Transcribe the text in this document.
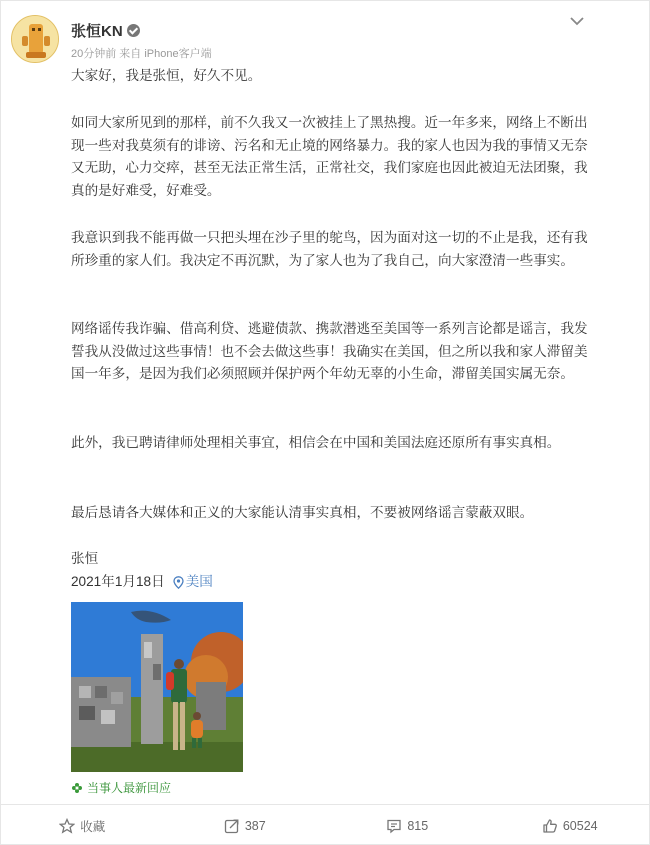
张恒KN
20分钟前 来自 iPhone客户端

大家好，我是张恒，好久不见。

如同大家所见到的那样，前不久我又一次被挂上了黑热搜。近一年多来，网络上不断出现一些对我莫须有的诽谤、污名和无止境的网络暴力。我的家人也因为我的事情又无奈又无助，心力交瘁，甚至无法正常生活，正常社交，我们家庭也因此被迫无法团聚，我真的是好难受，好难受。

我意识到我不能再做一只把头埋在沙子里的鸵鸟，因为面对这一切的不止是我，还有我所珍重的家人们。我决定不再沉默，为了家人也为了我自己，向大家澄清一些事实。

网络谣传我诈骗、借高利贷、逃避债款、携款潜逃至美国等一系列言论都是谣言，我发誓我从没做过这些事情！也不会去做这些事！我确实在美国，但之所以我和家人滞留美国一年多，是因为我们必须照顾并保护两个年幼无辜的小生命，滞留美国实属无奈。

此外，我已聘请律师处理相关事宜，相信会在中国和美国法庭还原所有事实真相。

最后恳请各大媒体和正义的大家能认清事实真相，不要被网络谣言蒙蔽双眼。

张恒

2021年1月18日 美国

当事人最新回应
收藏	387	815	60524
